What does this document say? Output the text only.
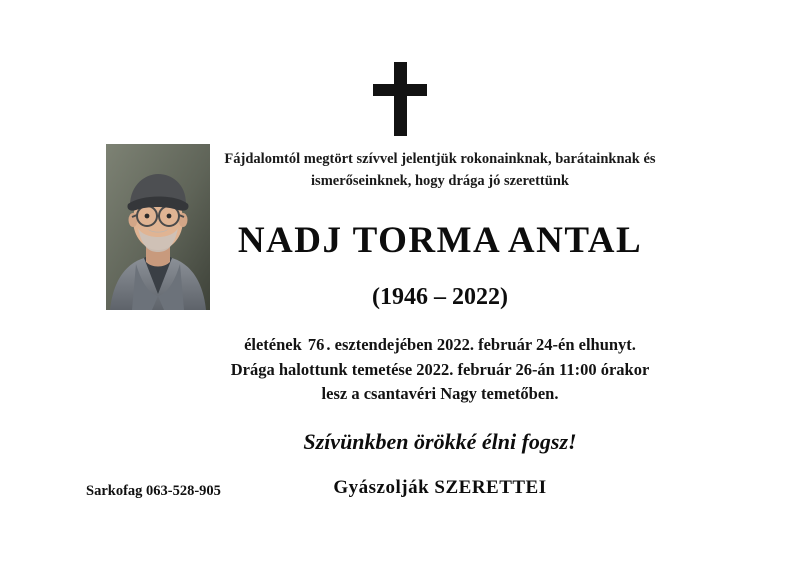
Fájdalomtól megtört szívvel jelentjük rokonainknak, barátainknak és
ismerőseinknek, hogy drága jó szerettünk
NADJ TORMA ANTAL
(1946 – 2022)
életének 76 . esztendejében 2022. február 24-én elhunyt.
Drága halottunk temetése 2022. február 26-án 11:00 órakor
lesz a csantavéri Nagy temetőben.
Szívünkben örökké élni fogsz!
Gyászolják SZERETTEI
Sarkofag 063-528-905
